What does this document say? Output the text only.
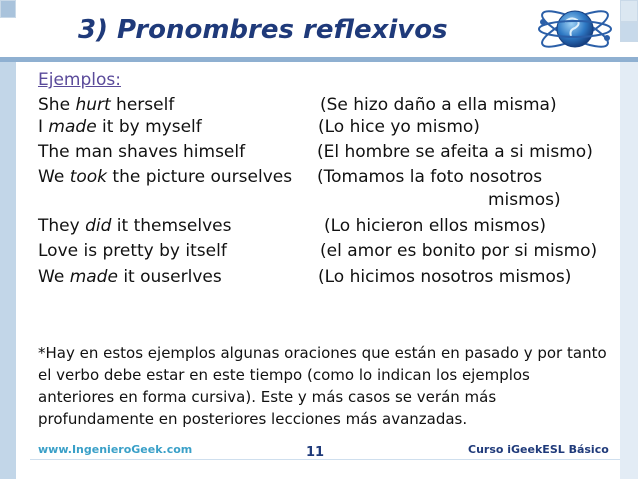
3) Pronombres reflexivos
Ejemplos:
She hurt herself	(Se hizo daño a ella misma)
I made it by myself	(Lo hice yo mismo)
The man shaves himself	(El hombre se afeita a si mismo)
We took the picture ourselves (Tomamos la foto nosotros
mismos)
They did it themselves	(Lo hicieron ellos mismos)
Love is pretty by itself	(el amor es bonito por si mismo)
We made it ouserlves	(Lo hicimos nosotros mismos)
*Hay en estos ejemplos algunas oraciones que están en pasado y por tanto el verbo debe estar en este tiempo (como lo indican los ejemplos anteriores en forma cursiva). Este y más casos se verán más profundamente en posteriores lecciones más avanzadas.
www.IngenieroGeek.com	11	Curso iGeekESL Básico
